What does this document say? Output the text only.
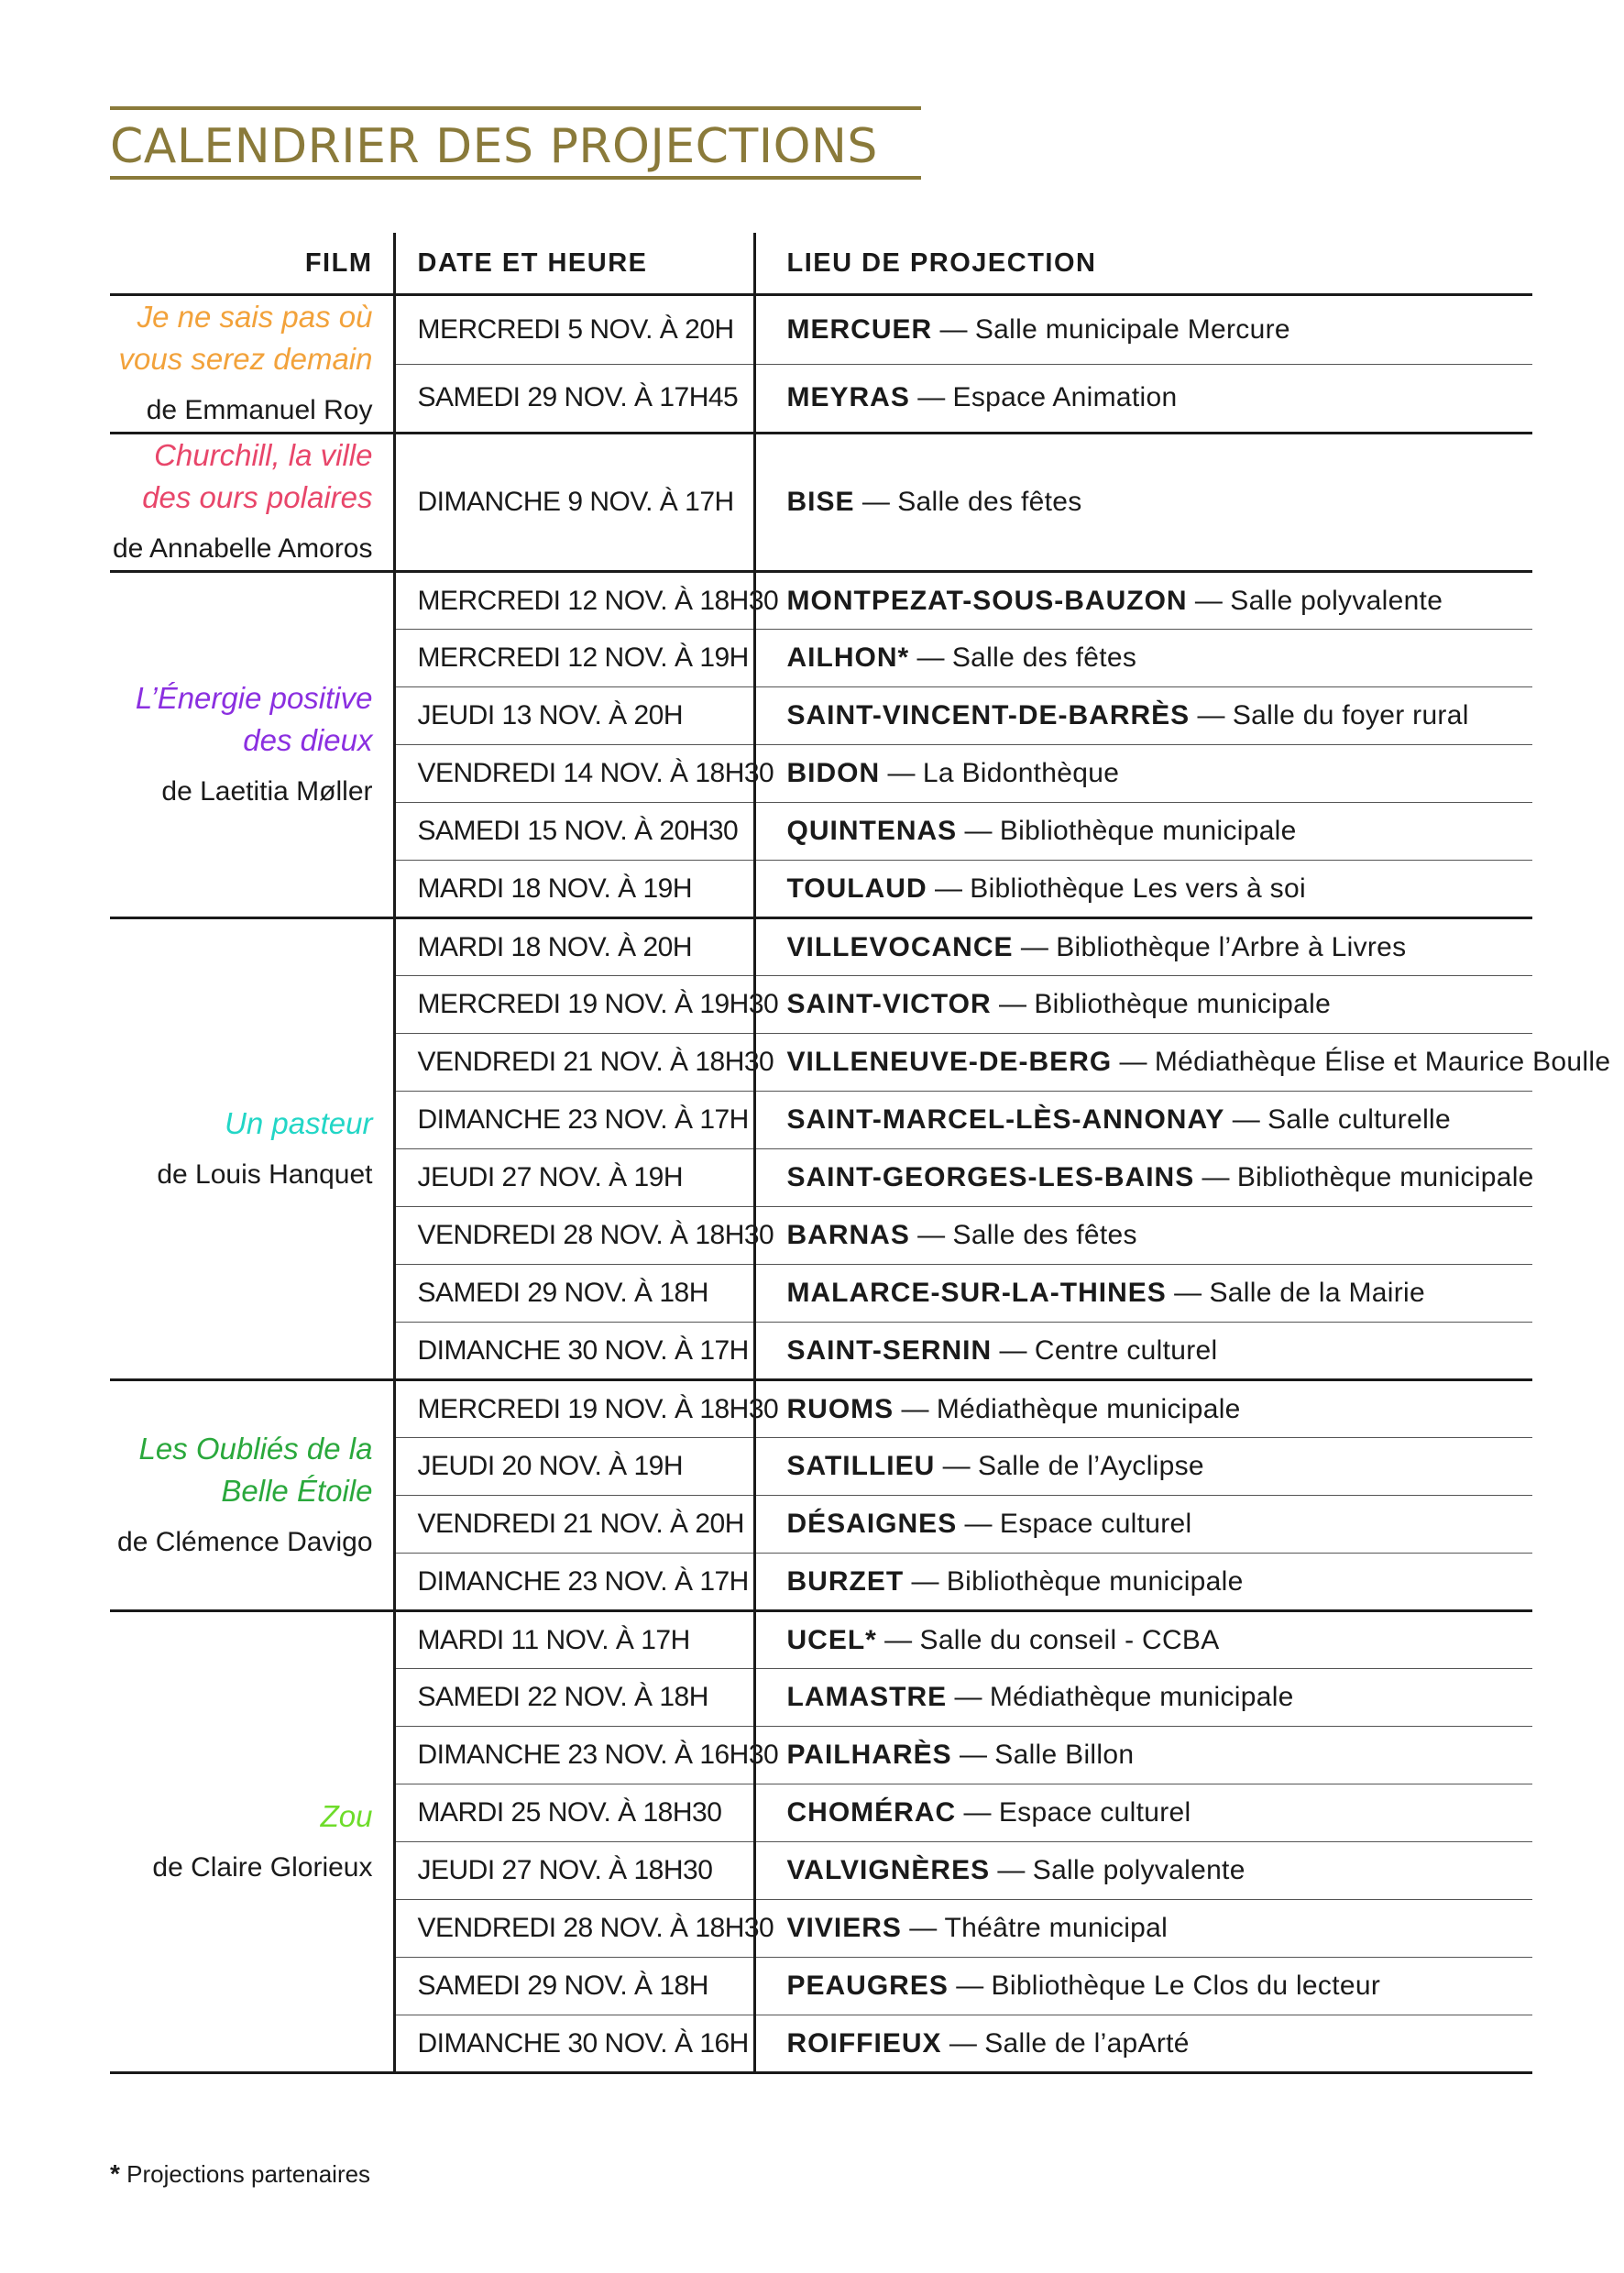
CALENDRIER DES PROJECTIONS
FILM	DATE ET HEURE	LIEU DE PROJECTION

Je ne sais pas où vous serez demain
de Emmanuel Roy	MERCREDI 5 NOV. À 20H	MERCUER — Salle municipale Mercure
	SAMEDI 29 NOV. À 17H45	MEYRAS — Espace Animation

Churchill, la ville des ours polaires
de Annabelle Amoros	DIMANCHE 9 NOV. À 17H	BISE — Salle des fêtes

L’Énergie positive des dieux
de Laetitia Møller	MERCREDI 12 NOV. À 18H30	MONTPEZAT-SOUS-BAUZON — Salle polyvalente
	MERCREDI 12 NOV. À 19H	AILHON* — Salle des fêtes
	JEUDI 13 NOV. À 20H	SAINT-VINCENT-DE-BARRÈS — Salle du foyer rural
	VENDREDI 14 NOV. À 18H30	BIDON — La Bidonthèque
	SAMEDI 15 NOV. À 20H30	QUINTENAS — Bibliothèque municipale
	MARDI 18 NOV. À 19H	TOULAUD — Bibliothèque Les vers à soi

Un pasteur
de Louis Hanquet	MARDI 18 NOV. À 20H	VILLEVOCANCE — Bibliothèque l’Arbre à Livres
	MERCREDI 19 NOV. À 19H30	SAINT-VICTOR — Bibliothèque municipale
	VENDREDI 21 NOV. À 18H30	VILLENEUVE-DE-BERG — Médiathèque Élise et Maurice Boulle
	DIMANCHE 23 NOV. À 17H	SAINT-MARCEL-LÈS-ANNONAY — Salle culturelle
	JEUDI 27 NOV. À 19H	SAINT-GEORGES-LES-BAINS — Bibliothèque municipale
	VENDREDI 28 NOV. À 18H30	BARNAS — Salle des fêtes
	SAMEDI 29 NOV. À 18H	MALARCE-SUR-LA-THINES — Salle de la Mairie
	DIMANCHE 30 NOV. À 17H	SAINT-SERNIN — Centre culturel

Les Oubliés de la Belle Étoile
de Clémence Davigo	MERCREDI 19 NOV. À 18H30	RUOMS — Médiathèque municipale
	JEUDI 20 NOV. À 19H	SATILLIEU — Salle de l’Ayclipse
	VENDREDI 21 NOV. À 20H	DÉSAIGNES — Espace culturel
	DIMANCHE 23 NOV. À 17H	BURZET — Bibliothèque municipale

Zou
de Claire Glorieux	MARDI 11 NOV. À 17H	UCEL* — Salle du conseil - CCBA
	SAMEDI 22 NOV. À 18H	LAMASTRE — Médiathèque municipale
	DIMANCHE 23 NOV. À 16H30	PAILHARÈS — Salle Billon
	MARDI 25 NOV. À 18H30	CHOMÉRAC — Espace culturel
	JEUDI 27 NOV. À 18H30	VALVIGNÈRES — Salle polyvalente
	VENDREDI 28 NOV. À 18H30	VIVIERS — Théâtre municipal
	SAMEDI 29 NOV. À 18H	PEAUGRES — Bibliothèque Le Clos du lecteur
	DIMANCHE 30 NOV. À 16H	ROIFFIEUX — Salle de l’apArté
* Projections partenaires
